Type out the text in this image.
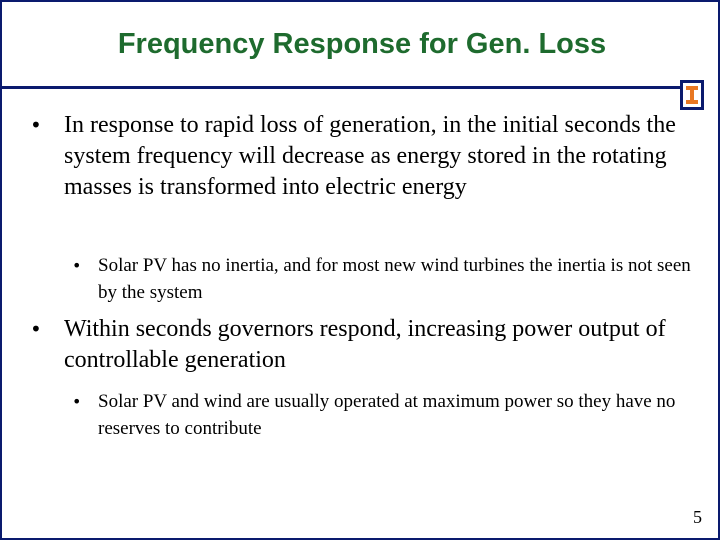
Frequency Response for Gen. Loss
• In response to rapid loss of generation, in the initial seconds the system frequency will decrease as energy stored in the rotating masses is transformed into electric energy
• Solar PV has no inertia, and for most new wind turbines the inertia is not seen by the system
• Within seconds governors respond, increasing power output of controllable generation
• Solar PV and wind are usually operated at maximum power so they have no reserves to contribute
5
